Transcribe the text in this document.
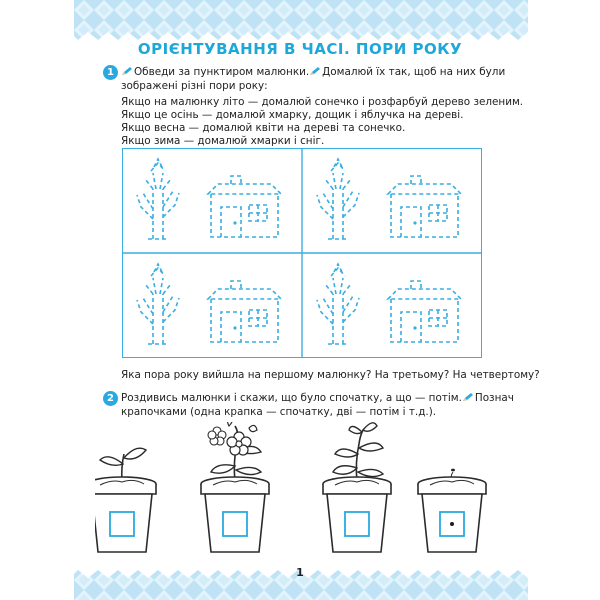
ОРІЄНТУВАННЯ В ЧАСІ. ПОРИ РОКУ
1	Обведи за пунктиром малюнки. Домалюй їх так, щоб на них були
зображені різні пори року:
Якщо на малюнку літо — домалюй сонечко і розфарбуй дерево зеленим.
Якщо це осінь — домалюй хмарку, дощик і яблучка на дереві.
Якщо весна — домалюй квіти на дереві та сонечко.
Якщо зима — домалюй хмарки і сніг.
Яка пора року вийшла на першому малюнку? На третьому? На четвертому?
2 Роздивись малюнки і скажи, що було спочатку, а що — потім. Познач
крапочками (одна крапка — спочатку, дві — потім і т.д.).
1
